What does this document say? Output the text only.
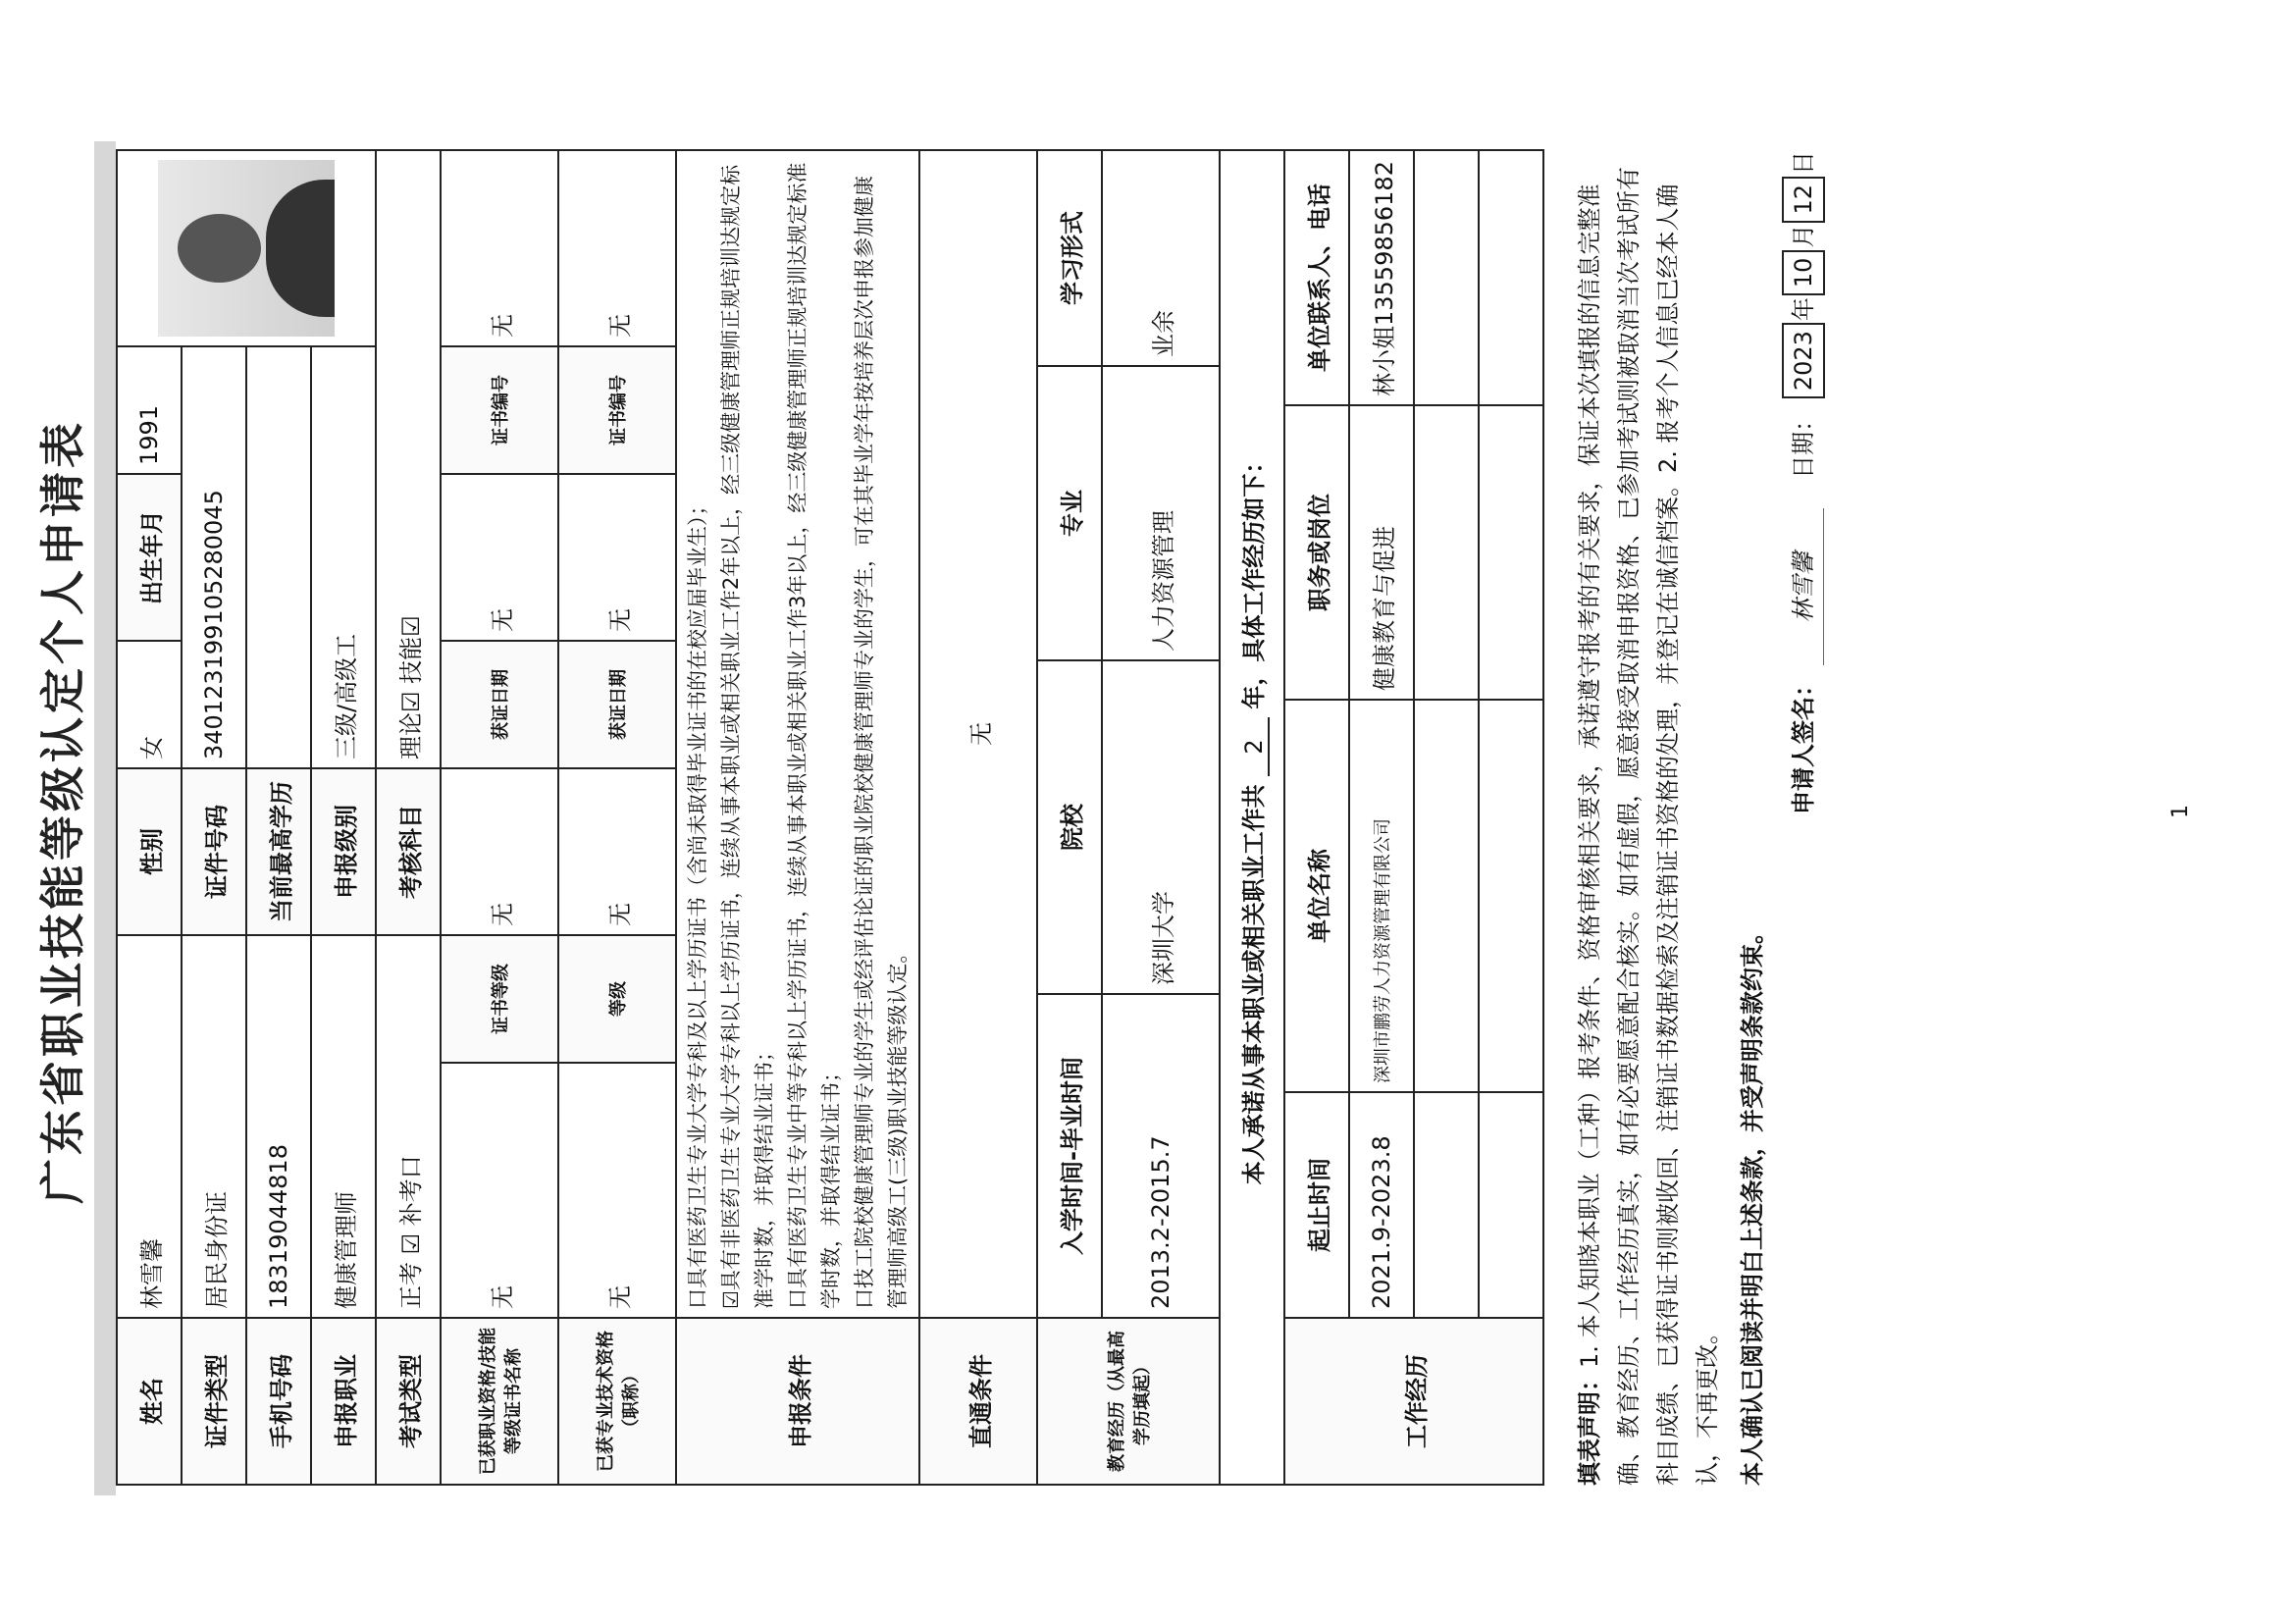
广东省职业技能等级认定个人申请表
姓名	林雪馨		性别	女	出生年月	1991	

证件类型	居民身份证		证件号码	340123199105280045			
手机号码	18319044818		当前最高学历				
申报职业	健康管理师		申报级别	三级/高级工			
考试类型	正考 ☑ 补考口		考核科目	理论☑ 技能☑			
已获职业资格/技能等级证书名称	无	证书等级	无	获证日期	无	证书编号	无
已获专业技术资格（职称）	无	等级	无	获证日期	无	证书编号	无
申报条件	口具有医药卫生专业大学专科及以上学历证书（含尚未取得毕业证书的在校应届毕业生）； ☑具有非医药卫生专业大学专科以上学历证书，连续从事本职业或相关职业工作2年以上，经三级健康管理师正规培训达规定标准学时数，并取得结业证书； 口具有医药卫生专业中等专科以上学历证书，连续从事本职业或相关职业工作3年以上，经三级健康管理师正规培训达规定标准学时数，并取得结业证书； 口技工院校健康管理师专业的学生或经评估论证的职业院校健康管理师专业的学生，可在其毕业学年按培养层次申报参加健康管理师高级工(三级)职业技能等级认定。						

直通条件	无						
教育经历（从最高学历填起）	入学时间-毕业时间	院校	专业	学习形式
	2013.2-2015.7	深圳大学	人力资源管理	业余
本人承诺从事本职业或相关职业工作共 2 年，具体工作经历如下：				
工作经历	起止时间	单位名称	职务或岗位	单位联系人、电话
	2021.9-2023.8	深圳市鹏劳人力资源管理有限公司	健康教育与促进	林小姐13559856182

填表声明：1. 本人知晓本职业（工种）报考条件、资格审核相关要求，承诺遵守报考的有关要求，保证本次填报的信息完整准确、教育经历、工作经历真实，如有必要愿意配合核实。如有虚假，愿意接受取消申报资格、已参加考试则被取消当次考试所有科目成绩、已获得证书则被收回、注销证书数据检索及注销证书资格的处理，并登记在诚信档案。2. 报考个人信息已经本人确认，不再更改。 本人确认已阅读并明白上述条款，并受声明条款约束。
申请人签名： 林雪馨    日期： 2023年10月12日
1
